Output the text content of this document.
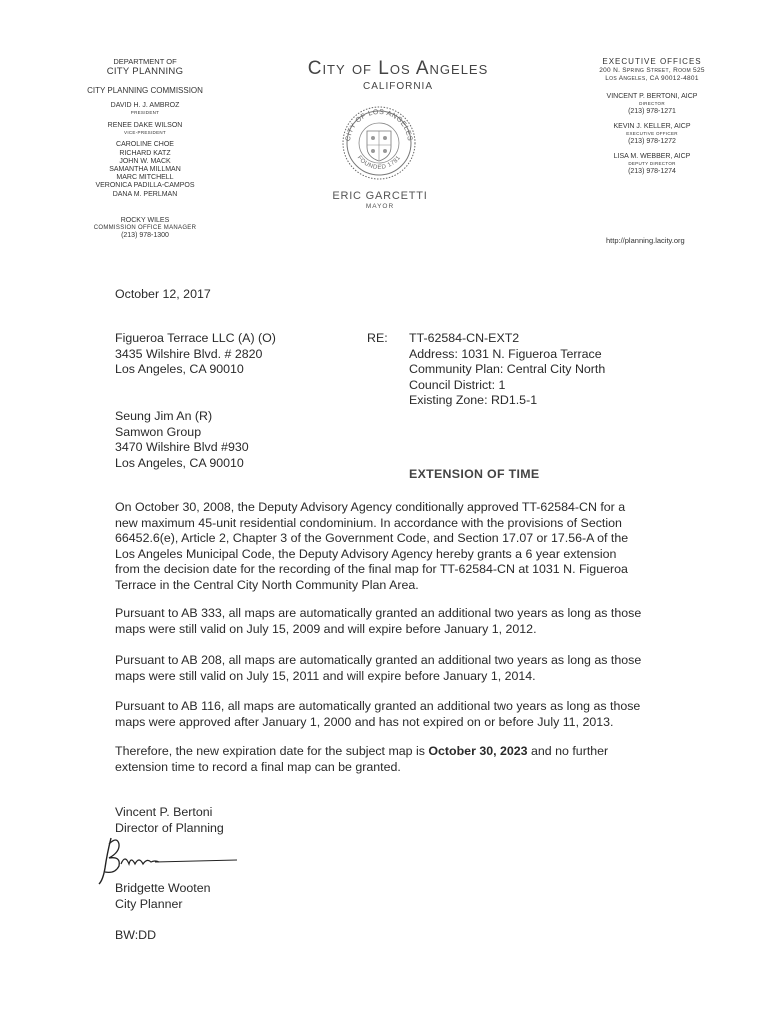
DEPARTMENT OF
CITY PLANNING
CITY PLANNING COMMISSION
DAVID H. J. AMBROZ
PRESIDENT
RENEE DAKE WILSON
VICE-PRESIDENT
CAROLINE CHOE
RICHARD KATZ
JOHN W. MACK
SAMANTHA MILLMAN
MARC MITCHELL
VERONICA PADILLA-CAMPOS
DANA M. PERLMAN
ROCKY WILES
COMMISSION OFFICE MANAGER
(213) 978-1300
City of Los Angeles
CALIFORNIA
CITY OF LOS ANGELES
FOUNDED 1781
ERIC GARCETTI
MAYOR
EXECUTIVE OFFICES
200 N. Spring Street, Room 525
Los Angeles, CA 90012-4801
VINCENT P. BERTONI, AICP
DIRECTOR
(213) 978-1271
KEVIN J. KELLER, AICP
EXECUTIVE OFFICER
(213) 978-1272
LISA M. WEBBER, AICP
DEPUTY DIRECTOR
(213) 978-1274
http://planning.lacity.org
October 12, 2017
Figueroa Terrace LLC (A) (O)
3435 Wilshire Blvd. # 2820
Los Angeles, CA 90010
RE: TT-62584-CN-EXT2
Address: 1031 N. Figueroa Terrace
Community Plan: Central City North
Council District: 1
Existing Zone: RD1.5-1
Seung Jim An (R)
Samwon Group
3470 Wilshire Blvd #930
Los Angeles, CA 90010
EXTENSION OF TIME
On October 30, 2008, the Deputy Advisory Agency conditionally approved TT-62584-CN for a
new maximum 45-unit residential condominium. In accordance with the provisions of Section
66452.6(e), Article 2, Chapter 3 of the Government Code, and Section 17.07 or 17.56-A of the
Los Angeles Municipal Code, the Deputy Advisory Agency hereby grants a 6 year extension
from the decision date for the recording of the final map for TT-62584-CN at 1031 N. Figueroa
Terrace in the Central City North Community Plan Area.
Pursuant to AB 333, all maps are automatically granted an additional two years as long as those
maps were still valid on July 15, 2009 and will expire before January 1, 2012.
Pursuant to AB 208, all maps are automatically granted an additional two years as long as those
maps were still valid on July 15, 2011 and will expire before January 1, 2014.
Pursuant to AB 116, all maps are automatically granted an additional two years as long as those
maps were approved after January 1, 2000 and has not expired on or before July 11, 2013.
Therefore, the new expiration date for the subject map is October 30, 2023 and no further
extension time to record a final map can be granted.
Vincent P. Bertoni
Director of Planning
Bridgette Wooten
City Planner
BW:DD
